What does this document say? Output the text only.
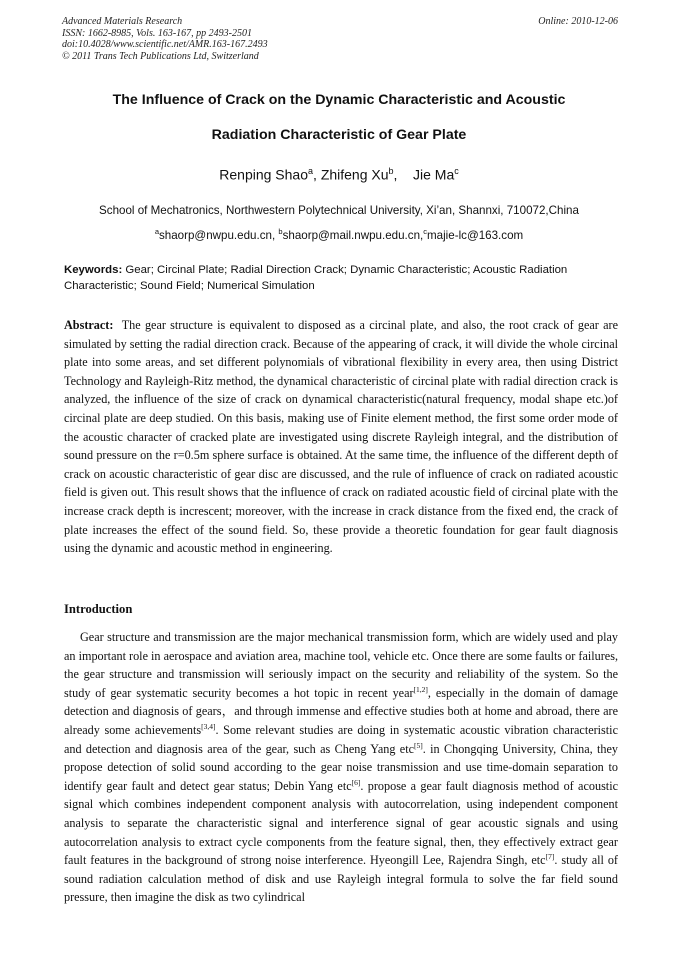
Advanced Materials Research
ISSN: 1662-8985, Vols. 163-167, pp 2493-2501
doi:10.4028/www.scientific.net/AMR.163-167.2493
© 2011 Trans Tech Publications Ltd, Switzerland
Online: 2010-12-06
The Influence of Crack on the Dynamic Characteristic and Acoustic
Radiation Characteristic of Gear Plate
Renping Shao$^a$, Zhifeng Xu$^b$,    Jie Ma$^c$
School of Mechatronics, Northwestern Polytechnical University, Xi’an, Shannxi, 710072,China
$^a$shaorp@nwpu.edu.cn, $^b$shaorp@mail.nwpu.edu.cn,$^c$majie-lc@163.com
Keywords: Gear; Circinal Plate; Radial Direction Crack; Dynamic Characteristic; Acoustic Radiation Characteristic; Sound Field; Numerical Simulation
Abstract: The gear structure is equivalent to disposed as a circinal plate, and also, the root crack of gear are simulated by setting the radial direction crack. Because of the appearing of crack, it will divide the whole circinal plate into some areas, and set different polynomials of vibrational flexibility in every area, then using District Technology and Rayleigh-Ritz method, the dynamical characteristic of circinal plate with radial direction crack is analyzed, the influence of the size of crack on dynamical characteristic(natural frequency, modal shape etc.)of circinal plate are deep studied. On this basis, making use of Finite element method, the first some order mode of the acoustic character of cracked plate are investigated using discrete Rayleigh integral, and the distribution of sound pressure on the r=0.5m sphere surface is obtained. At the same time, the influence of the different depth of crack on acoustic characteristic of gear disc are discussed, and the rule of influence of crack on radiated acoustic field is given out. This result shows that the influence of crack on radiated acoustic field of circinal plate with the increase crack depth is increscent; moreover, with the increase in crack distance from the fixed end, the crack of plate increases the effect of the sound field. So, these provide a theoretic foundation for gear fault diagnosis using the dynamic and acoustic method in engineering.
Introduction
Gear structure and transmission are the major mechanical transmission form, which are widely used and play an important role in aerospace and aviation area, machine tool, vehicle etc. Once there are some faults or failures, the gear structure and transmission will seriously impact on the security and reliability of the system. So the study of gear systematic security becomes a hot topic in recent year[1,2], especially in the domain of damage detection and diagnosis of gears，and through immense and effective studies both at home and abroad, there are already some achievements[3,4]. Some relevant studies are doing in systematic acoustic vibration characteristic and detection and diagnosis area of the gear, such as Cheng Yang etc[5]. in Chongqing University, China, they propose detection of solid sound according to the gear noise transmission and use time-domain separation to identify gear fault and detect gear status; Debin Yang etc[6]. propose a gear fault diagnosis method of acoustic signal which combines independent component analysis with autocorrelation, using independent component analysis to separate the characteristic signal and interference signal of gear acoustic signals and using autocorrelation analysis to extract cycle components from the feature signal, then, they effectively extract gear fault features in the background of strong noise interference. Hyeongill Lee, Rajendra Singh, etc[7]. study all of sound radiation calculation method of disk and use Rayleigh integral formula to solve the far field sound pressure, then imagine the disk as two cylindrical
